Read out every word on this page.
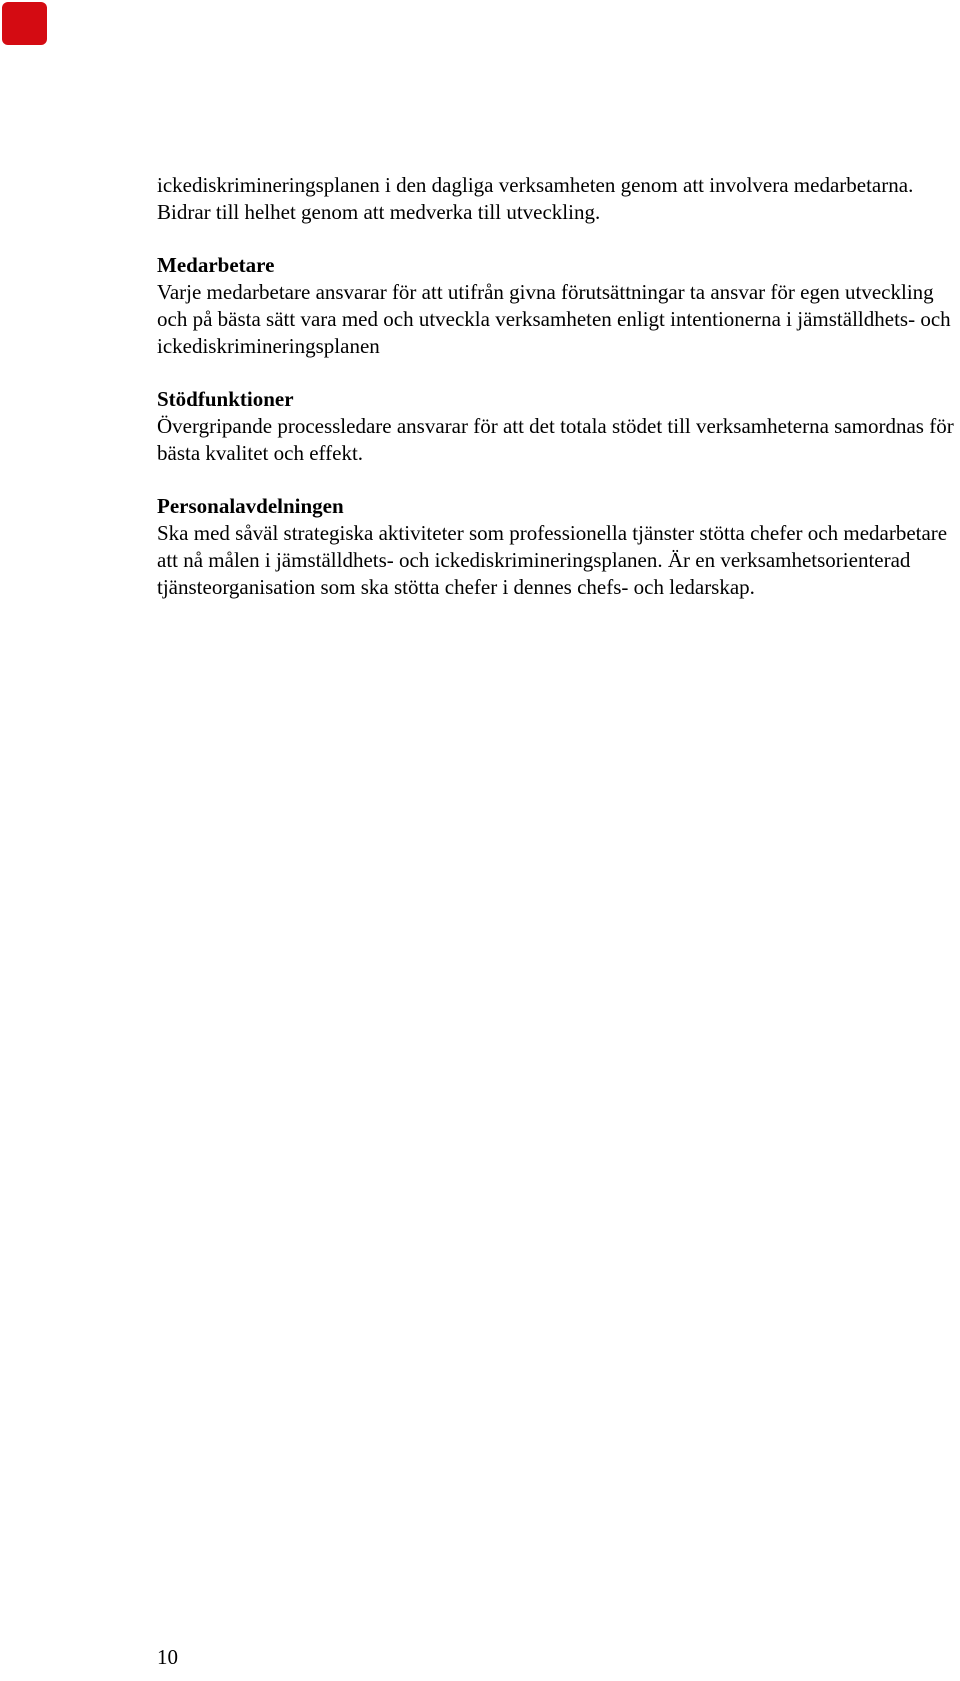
ickediskrimineringsplanen i den dagliga verksamheten genom att involvera medarbetarna. Bidrar till helhet genom att medverka till utveckling.

Medarbetare

Varje medarbetare ansvarar för att utifrån givna förutsättningar ta ansvar för egen utveckling och på bästa sätt vara med och utveckla verksamheten enligt intentionerna i jämställdhets- och ickediskrimineringsplanen

Stödfunktioner

Övergripande processledare ansvarar för att det totala stödet till verksamheterna samordnas för bästa kvalitet och effekt.

Personalavdelningen

Ska med såväl strategiska aktiviteter som professionella tjänster stötta chefer och medarbetare att nå målen i jämställdhets- och ickediskrimineringsplanen. Är en verksamhetsorienterad tjänsteorganisation som ska stötta chefer i dennes chefs- och ledarskap.

10
